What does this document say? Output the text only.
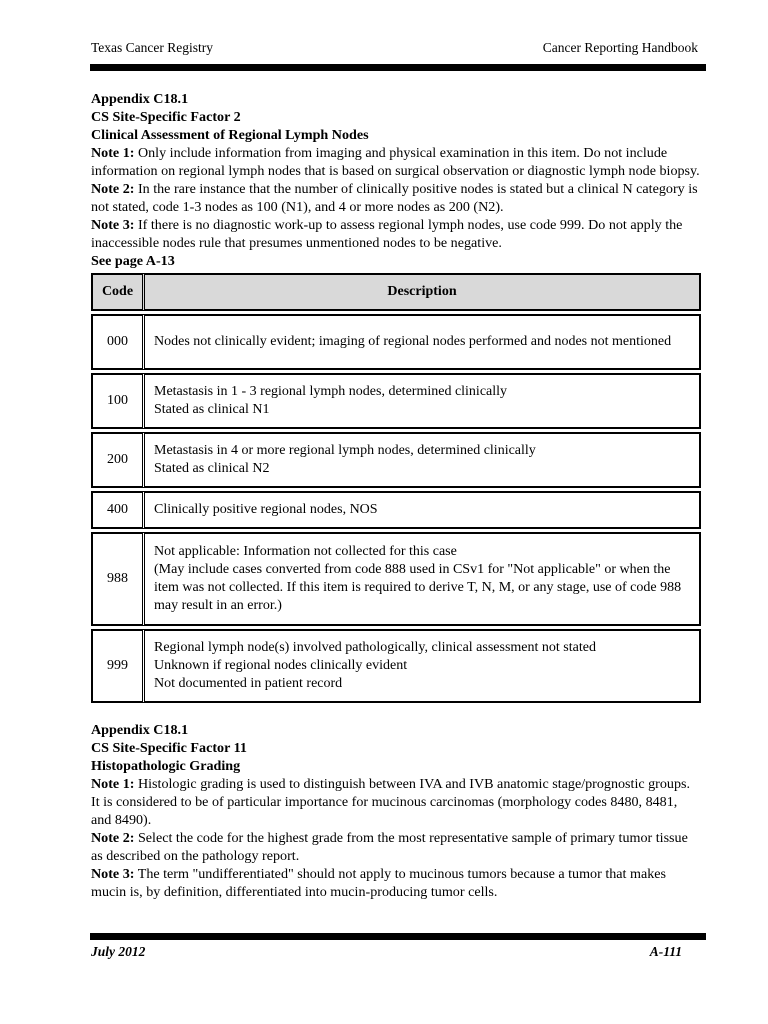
Texas Cancer Registry	Cancer Reporting Handbook

Appendix C18.1

CS Site-Specific Factor 2

Clinical Assessment of Regional Lymph Nodes

Note 1: Only include information from imaging and physical examination in this item. Do not include information on regional lymph nodes that is based on surgical observation or diagnostic lymph node biopsy.

Note 2: In the rare instance that the number of clinically positive nodes is stated but a clinical N category is not stated, code 1-3 nodes as 100 (N1), and 4 or more nodes as 200 (N2).

Note 3: If there is no diagnostic work-up to assess regional lymph nodes, use code 999. Do not apply the inaccessible nodes rule that presumes unmentioned nodes to be negative.

See page A-13

Code	Description
000	Nodes not clinically evident; imaging of regional nodes performed and nodes not mentioned

100	Metastasis in 1 - 3 regional lymph nodes, determined clinically
Stated as clinical N1

200	Metastasis in 4 or more regional lymph nodes, determined clinically
Stated as clinical N2

400	Clinically positive regional nodes, NOS

988	Not applicable: Information not collected for this case
(May include cases converted from code 888 used in CSv1 for "Not applicable" or when the item was not collected. If this item is required to derive T, N, M, or any stage, use of code 988 may result in an error.)

999	Regional lymph node(s) involved pathologically, clinical assessment not stated
Unknown if regional nodes clinically evident
Not documented in patient record

Appendix C18.1

CS Site-Specific Factor 11

Histopathologic Grading

Note 1: Histologic grading is used to distinguish between IVA and IVB anatomic stage/prognostic groups. It is considered to be of particular importance for mucinous carcinomas (morphology codes 8480, 8481, and 8490).

Note 2: Select the code for the highest grade from the most representative sample of primary tumor tissue as described on the pathology report.

Note 3: The term "undifferentiated" should not apply to mucinous tumors because a tumor that makes mucin is, by definition, differentiated into mucin-producing tumor cells.

July 2012	A-111
